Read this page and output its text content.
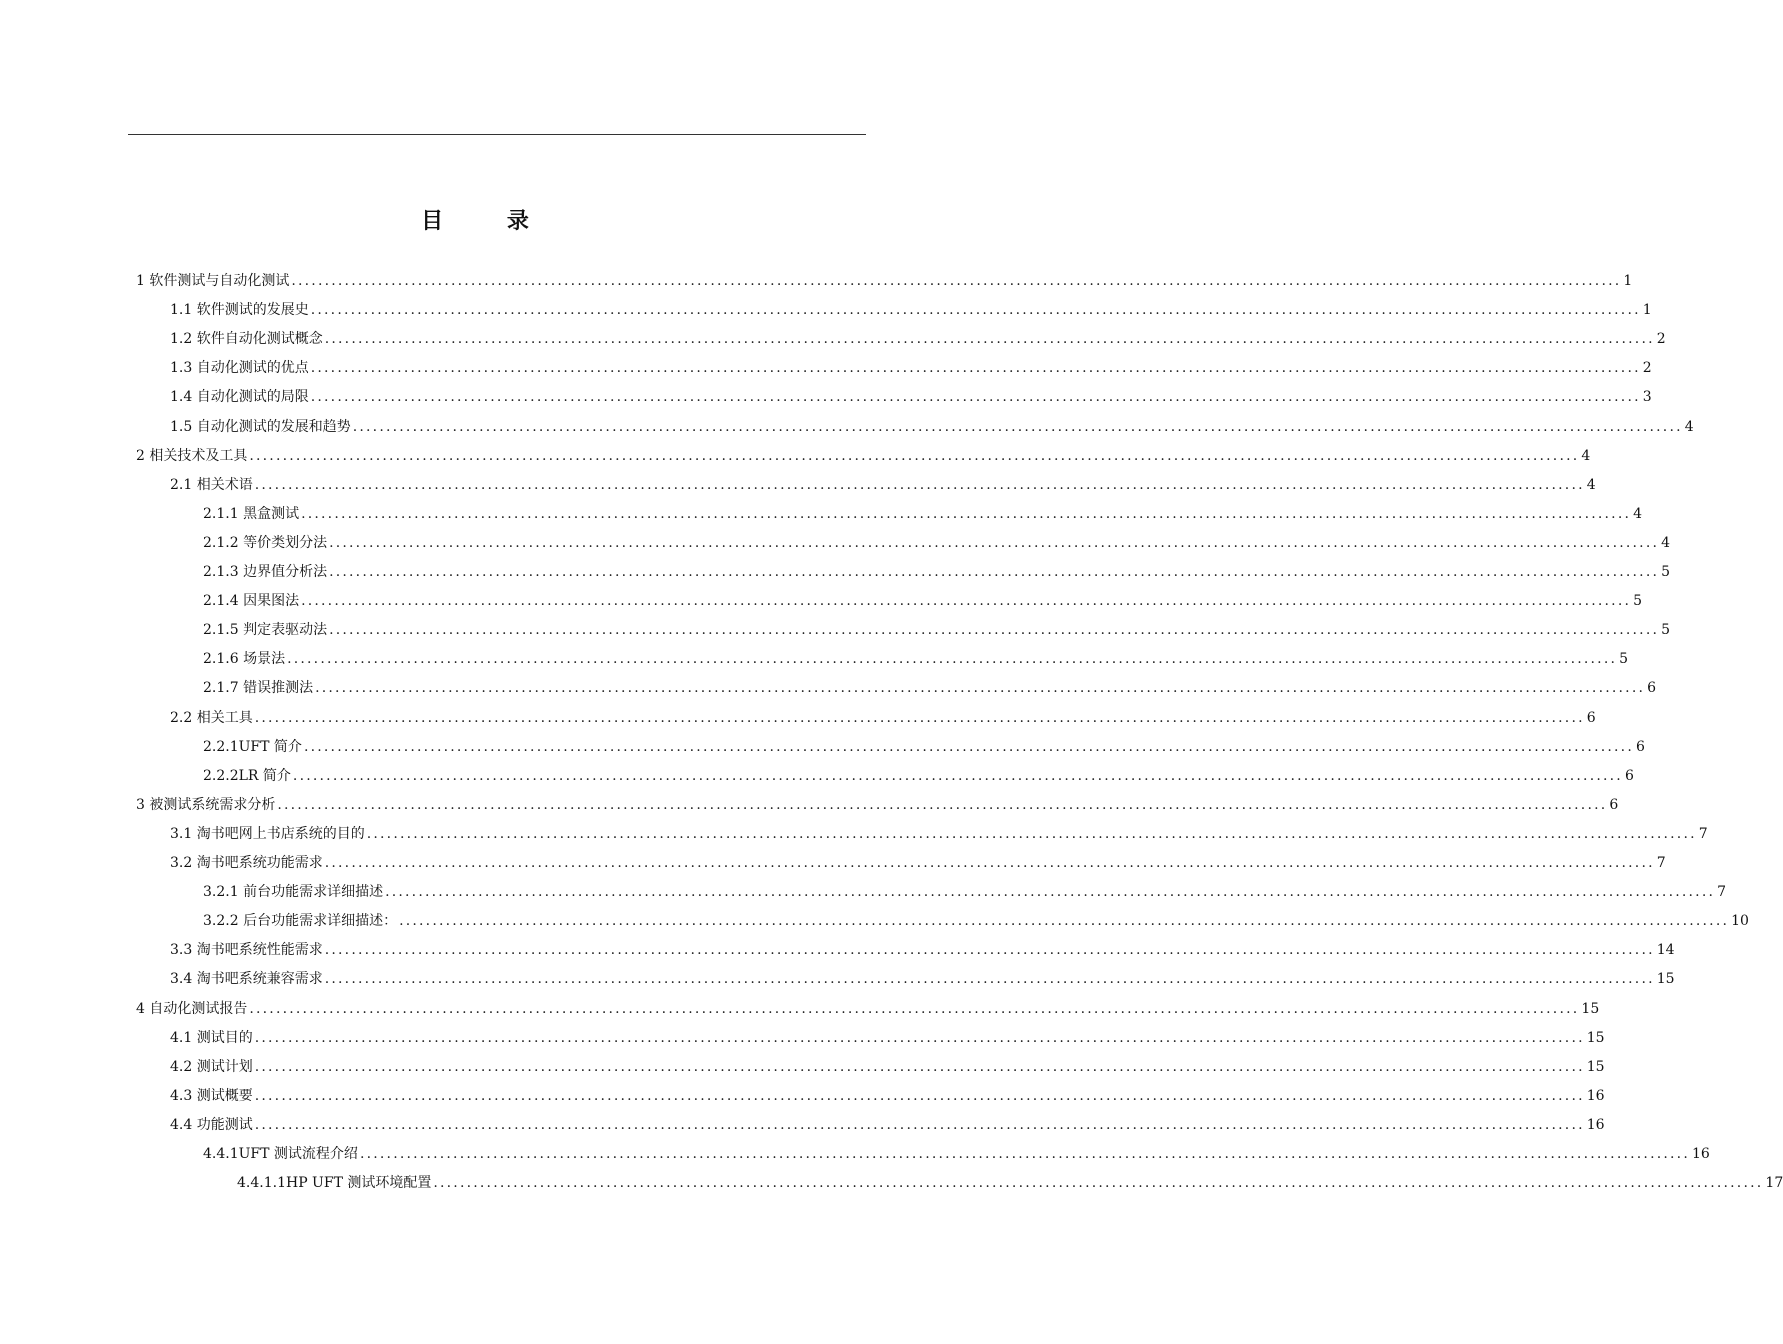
目 录
1 软件测试与自动化测试 ........................................................................................................................................................................................................ 1
1.1 软件测试的发展史 ........................................................................................................................................................................................................ 1
1.2 软件自动化测试概念 ........................................................................................................................................................................................................ 2
1.3 自动化测试的优点 ........................................................................................................................................................................................................ 2
1.4 自动化测试的局限 ........................................................................................................................................................................................................ 3
1.5 自动化测试的发展和趋势 ........................................................................................................................................................................................................ 4
2 相关技术及工具 ........................................................................................................................................................................................................ 4
2.1 相关术语 ........................................................................................................................................................................................................ 4
2.1.1 黑盒测试 ........................................................................................................................................................................................................ 4
2.1.2 等价类划分法 ........................................................................................................................................................................................................ 4
2.1.3 边界值分析法 ........................................................................................................................................................................................................ 5
2.1.4 因果图法 ........................................................................................................................................................................................................ 5
2.1.5 判定表驱动法 ........................................................................................................................................................................................................ 5
2.1.6 场景法 ........................................................................................................................................................................................................ 5
2.1.7 错误推测法 ........................................................................................................................................................................................................ 6
2.2 相关工具 ........................................................................................................................................................................................................ 6
2.2.1UFT 简介 ........................................................................................................................................................................................................ 6
2.2.2LR 简介 ........................................................................................................................................................................................................ 6
3 被测试系统需求分析 ........................................................................................................................................................................................................ 6
3.1 淘书吧网上书店系统的目的 ........................................................................................................................................................................................................ 7
3.2 淘书吧系统功能需求 ........................................................................................................................................................................................................ 7
3.2.1 前台功能需求详细描述 ........................................................................................................................................................................................................ 7
3.2.2 后台功能需求详细描述： ........................................................................................................................................................................................................ 10
3.3 淘书吧系统性能需求 ........................................................................................................................................................................................................ 14
3.4 淘书吧系统兼容需求 ........................................................................................................................................................................................................ 15
4 自动化测试报告 ........................................................................................................................................................................................................ 15
4.1 测试目的 ........................................................................................................................................................................................................ 15
4.2 测试计划 ........................................................................................................................................................................................................ 15
4.3 测试概要 ........................................................................................................................................................................................................ 16
4.4 功能测试 ........................................................................................................................................................................................................ 16
4.4.1UFT 测试流程介绍 ........................................................................................................................................................................................................ 16
4.4.1.1HP UFT 测试环境配置 ........................................................................................................................................................................................................ 17
